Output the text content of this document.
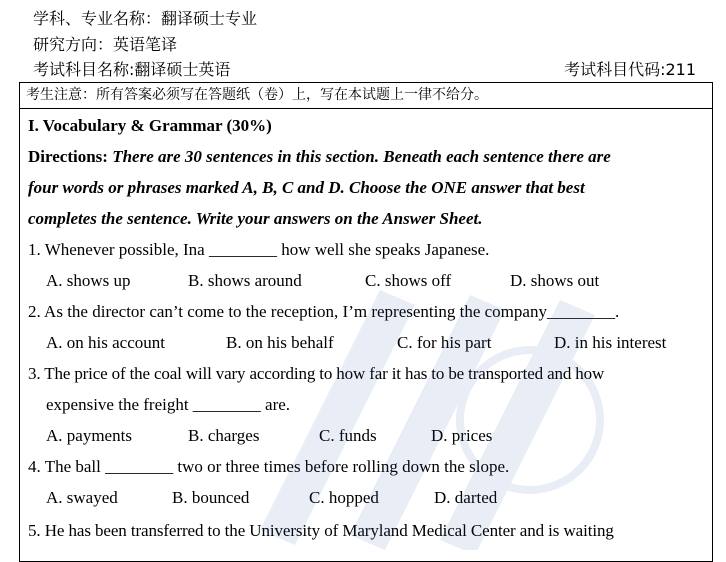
学科、专业名称：翻译硕士专业
研究方向：英语笔译
考试科目名称:翻译硕士英语	考试科目代码:211
考生注意：所有答案必须写在答题纸（卷）上，写在本试题上一律不给分。
I. Vocabulary & Grammar (30%)
Directions: There are 30 sentences in this section. Beneath each sentence there are
four words or phrases marked A, B, C and D. Choose the ONE answer that best
completes the sentence. Write your answers on the Answer Sheet.
1. Whenever possible, Ina ________ how well she speaks Japanese.
A. shows up	B. shows around	C. shows off	D. shows out
2. As the director can’t come to the reception, I’m representing the company________.
A. on his account	B. on his behalf	C. for his part	D. in his interest
3. The price of the coal will vary according to how far it has to be transported and how
expensive the freight ________ are.
A. payments	B. charges	C. funds	D. prices
4. The ball ________ two or three times before rolling down the slope.
A. swayed	B. bounced	C. hopped	D. darted
5. He has been transferred to the University of Maryland Medical Center and is waiting
